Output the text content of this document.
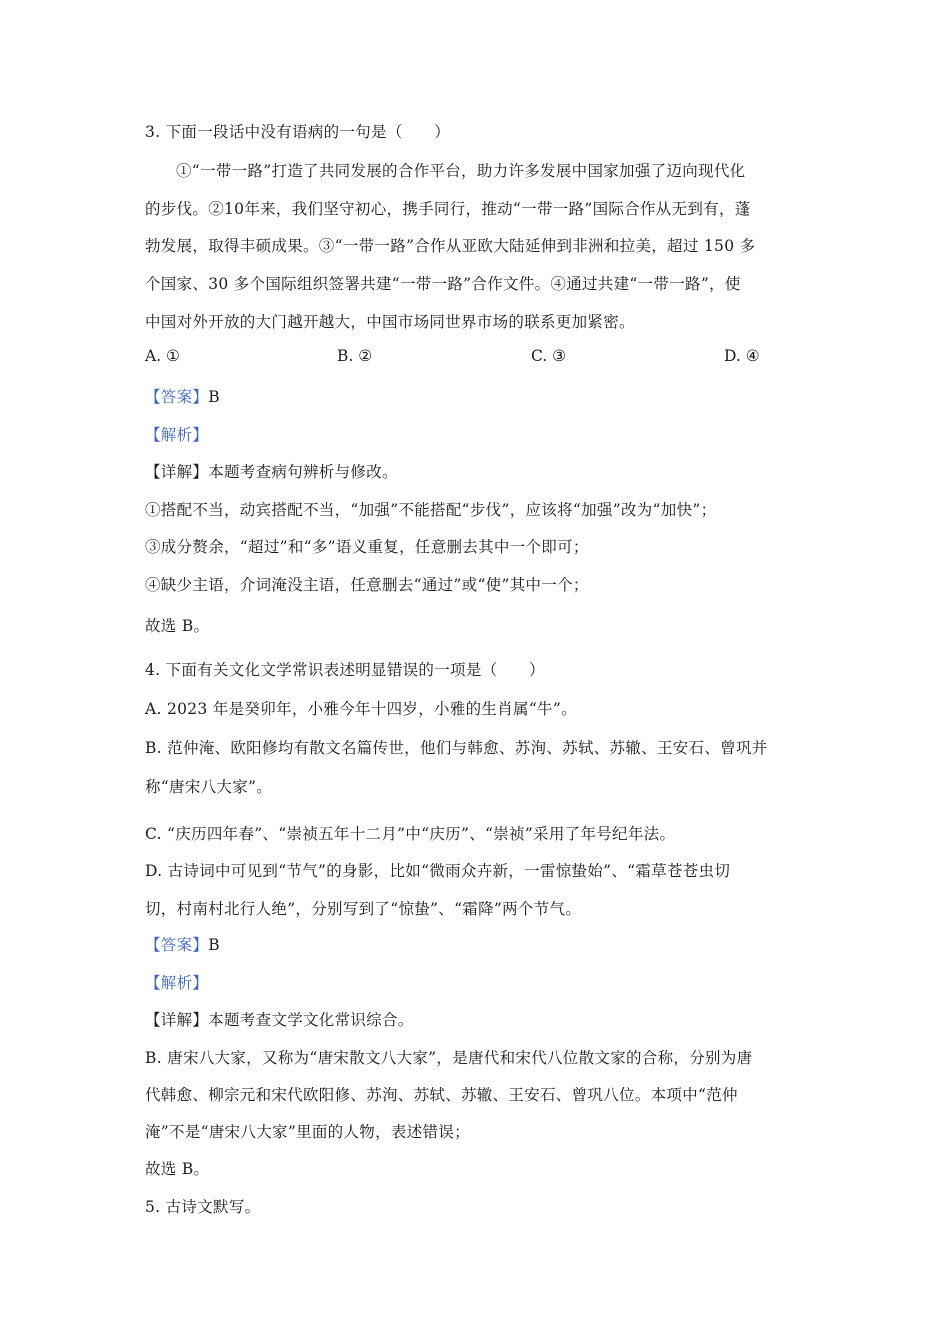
3. 下面一段话中没有语病的一句是（　　）
①“一带一路”打造了共同发展的合作平台，助力许多发展中国家加强了迈向现代化
的步伐。②10年来，我们坚守初心，携手同行，推动“一带一路”国际合作从无到有，蓬
勃发展，取得丰硕成果。③“一带一路”合作从亚欧大陆延伸到非洲和拉美，超过 150 多
个国家、30 多个国际组织签署共建“一带一路”合作文件。④通过共建“一带一路”，使
中国对外开放的大门越开越大，中国市场同世界市场的联系更加紧密。
A. ①	B. ②	C. ③	D. ④
【答案】B
【解析】
【详解】本题考查病句辨析与修改。
①搭配不当，动宾搭配不当，“加强”不能搭配“步伐”，应该将“加强”改为“加快”；
③成分赘余，“超过”和“多”语义重复，任意删去其中一个即可；
④缺少主语，介词淹没主语，任意删去“通过”或“使”其中一个；
故选 B。
4. 下面有关文化文学常识表述明显错误的一项是（　　）
A. 2023 年是癸卯年，小雅今年十四岁，小雅的生肖属“牛”。
B. 范仲淹、欧阳修均有散文名篇传世，他们与韩愈、苏洵、苏轼、苏辙、王安石、曾巩并
称“唐宋八大家”。
C. “庆历四年春”、“崇祯五年十二月”中“庆历”、“崇祯”采用了年号纪年法。
D. 古诗词中可见到“节气”的身影，比如“微雨众卉新，一雷惊蛰始”、“霜草苍苍虫切
切，村南村北行人绝”，分别写到了“惊蛰”、“霜降”两个节气。
【答案】B
【解析】
【详解】本题考查文学文化常识综合。
B. 唐宋八大家，又称为“唐宋散文八大家”，是唐代和宋代八位散文家的合称，分别为唐
代韩愈、柳宗元和宋代欧阳修、苏洵、苏轼、苏辙、王安石、曾巩八位。本项中“范仲
淹”不是“唐宋八大家”里面的人物，表述错误；
故选 B。
5. 古诗文默写。
